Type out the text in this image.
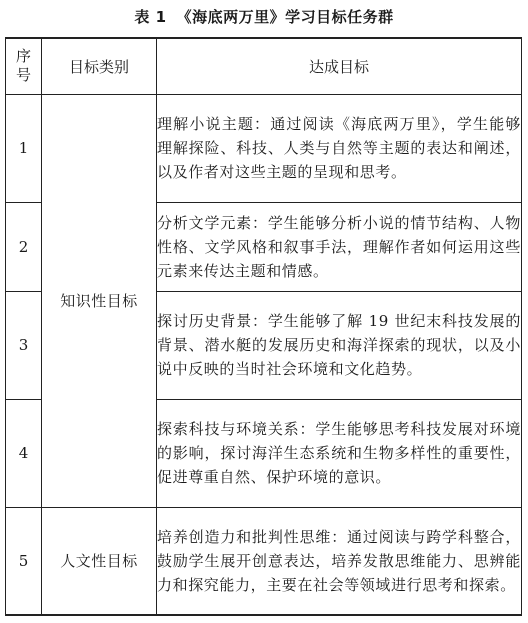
表 1 《海底两万里》学习目标任务群
序
号	目标类别	达成目标
1	知识性目标	理解小说主题：通过阅读《海底两万里》，学生能够理解探险、科技、人类与自然等主题的表达和阐述，以及作者对这些主题的呈现和思考。
2		分析文学元素：学生能够分析小说的情节结构、人物性格、文学风格和叙事手法，理解作者如何运用这些元素来传达主题和情感。
3		探讨历史背景：学生能够了解 19 世纪末科技发展的背景、潜水艇的发展历史和海洋探索的现状，以及小说中反映的当时社会环境和文化趋势。
4		探索科技与环境关系：学生能够思考科技发展对环境的影响，探讨海洋生态系统和生物多样性的重要性，促进尊重自然、保护环境的意识。
5	人文性目标	培养创造力和批判性思维：通过阅读与跨学科整合，鼓励学生展开创意表达，培养发散思维能力、思辨能力和探究能力，主要在社会等领域进行思考和探索。
